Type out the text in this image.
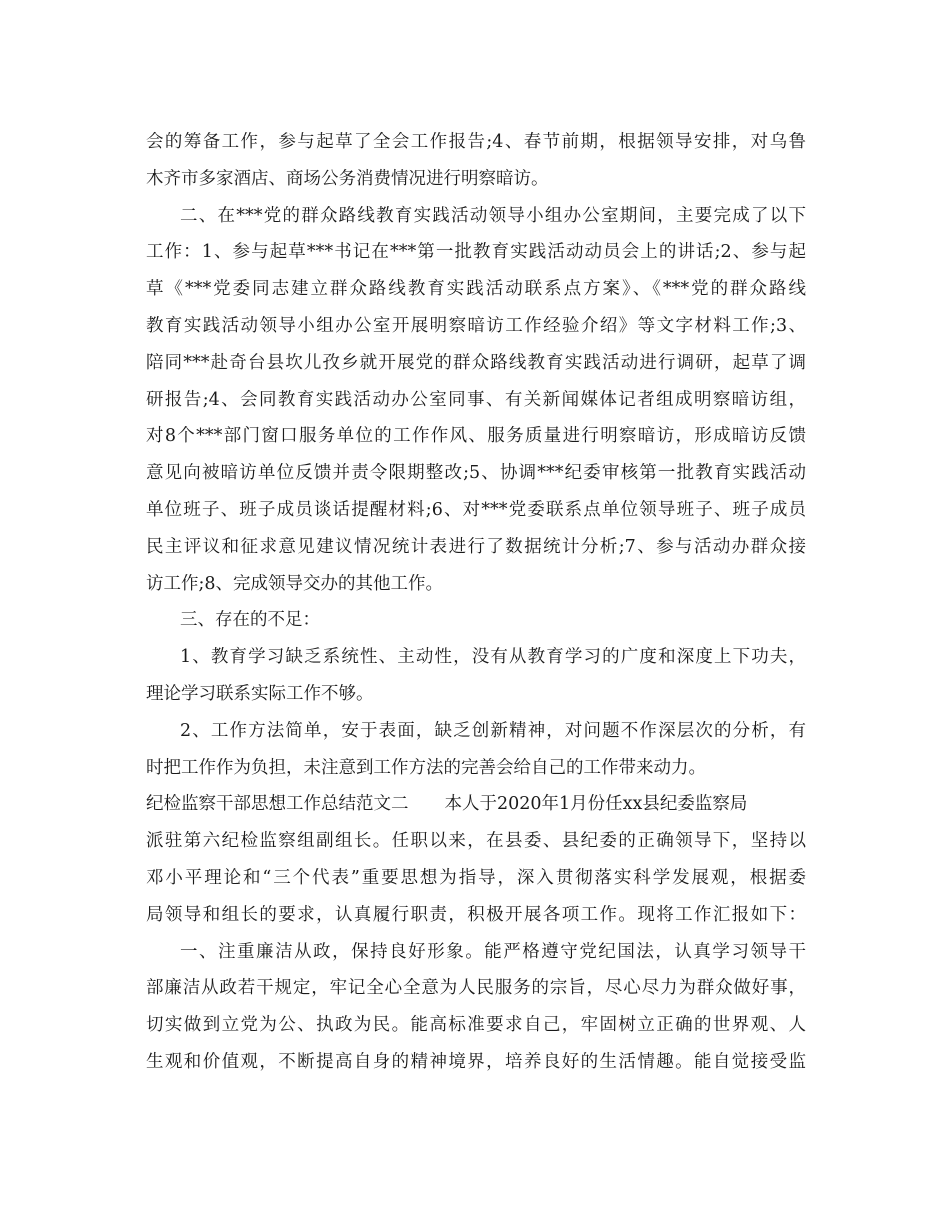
会的筹备工作，参与起草了全会工作报告;4、春节前期，根据领导安排，对乌鲁
木齐市多家酒店、商场公务消费情况进行明察暗访。
二、在***党的群众路线教育实践活动领导小组办公室期间，主要完成了以下
工作：1、参与起草***书记在***第一批教育实践活动动员会上的讲话;2、参与起
草《***党委同志建立群众路线教育实践活动联系点方案》、《***党的群众路线
教育实践活动领导小组办公室开展明察暗访工作经验介绍》等文字材料工作;3、
陪同***赴奇台县坎儿孜乡就开展党的群众路线教育实践活动进行调研，起草了调
研报告;4、会同教育实践活动办公室同事、有关新闻媒体记者组成明察暗访组，
对8个***部门窗口服务单位的工作作风、服务质量进行明察暗访，形成暗访反馈
意见向被暗访单位反馈并责令限期整改;5、协调***纪委审核第一批教育实践活动
单位班子、班子成员谈话提醒材料;6、对***党委联系点单位领导班子、班子成员
民主评议和征求意见建议情况统计表进行了数据统计分析;7、参与活动办群众接
访工作;8、完成领导交办的其他工作。
三、存在的不足：
1、教育学习缺乏系统性、主动性，没有从教育学习的广度和深度上下功夫，
理论学习联系实际工作不够。
2、工作方法简单，安于表面，缺乏创新精神，对问题不作深层次的分析，有
时把工作作为负担，未注意到工作方法的完善会给自己的工作带来动力。
纪检监察干部思想工作总结范文二 本人于2020年1月份任xx县纪委监察局
派驻第六纪检监察组副组长。任职以来，在县委、县纪委的正确领导下，坚持以
邓小平理论和“三个代表”重要思想为指导，深入贯彻落实科学发展观，根据委
局领导和组长的要求，认真履行职责，积极开展各项工作。现将工作汇报如下：
一、注重廉洁从政，保持良好形象。能严格遵守党纪国法，认真学习领导干
部廉洁从政若干规定，牢记全心全意为人民服务的宗旨，尽心尽力为群众做好事，
切实做到立党为公、执政为民。能高标准要求自己，牢固树立正确的世界观、人
生观和价值观，不断提高自身的精神境界，培养良好的生活情趣。能自觉接受监
